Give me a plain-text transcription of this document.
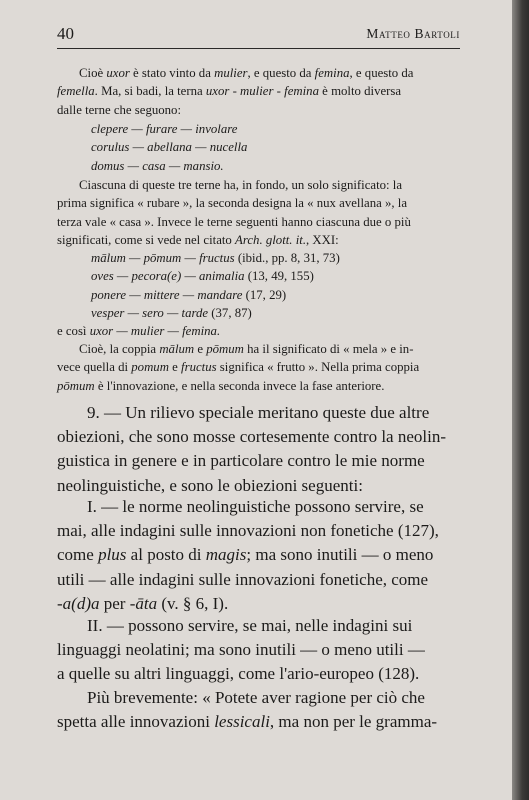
40	Matteo Bartoli
Cioè uxor è stato vinto da mulier, e questo da femina, e questo da
femella. Ma, si badi, la terna uxor - mulier - femina è molto diversa
dalle terne che seguono:
clepere — furare — involare
corulus — abellana — nucella
domus — casa — mansio.
Ciascuna di queste tre terne ha, in fondo, un solo significato: la
prima significa « rubare », la seconda designa la « nux avellana », la
terza vale « casa ». Invece le terne seguenti hanno ciascuna due o più
significati, come si vede nel citato Arch. glott. it., XXI:
mālum — pōmum — fructus (ibid., pp. 8, 31, 73)
oves — pecora(e) — animalia (13, 49, 155)
ponere — mittere — mandare (17, 29)
vesper — sero — tarde (37, 87)
e così uxor — mulier — femina.
Cioè, la coppia mālum e pōmum ha il significato di « mela » e in-
vece quella di pomum e fructus significa « frutto ». Nella prima coppia
pōmum è l'innovazione, e nella seconda invece la fase anteriore.
9. — Un rilievo speciale meritano queste due altre
obiezioni, che sono mosse cortesemente contro la neolin-
guistica in genere e in particolare contro le mie norme
neolinguistiche, e sono le obiezioni seguenti:
I. — le norme neolinguistiche possono servire, se
mai, alle indagini sulle innovazioni non fonetiche (127),
come plus al posto di magis; ma sono inutili — o meno
utili — alle indagini sulle innovazioni fonetiche, come
-a(d)a per -āta (v. § 6, I).
II. — possono servire, se mai, nelle indagini sui
linguaggi neolatini; ma sono inutili — o meno utili —
a quelle su altri linguaggi, come l'ario-europeo (128).
Più brevemente: « Potete aver ragione per ciò che
spetta alle innovazioni lessicali, ma non per le gramma-
